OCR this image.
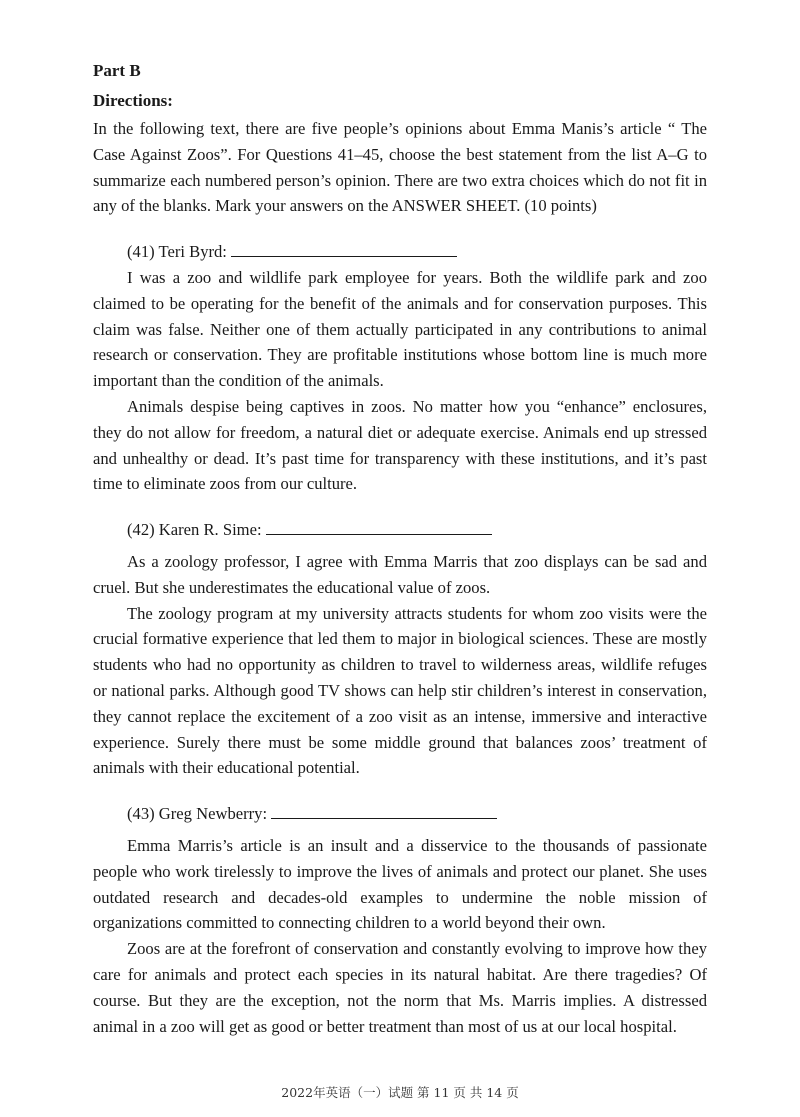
Part B
Directions:

In the following text, there are five people’s opinions about Emma Manis’s article “ The Case Against Zoos”. For Questions 41–45, choose the best statement from the list A–G to summarize each numbered person’s opinion. There are two extra choices which do not fit in any of the blanks. Mark your answers on the ANSWER SHEET. (10 points)

(41) Teri Byrd:

I was a zoo and wildlife park employee for years. Both the wildlife park and zoo claimed to be operating for the benefit of the animals and for conservation purposes. This claim was false. Neither one of them actually participated in any contributions to animal research or conservation. They are profitable institutions whose bottom line is much more important than the condition of the animals.

Animals despise being captives in zoos. No matter how you “enhance” enclosures, they do not allow for freedom, a natural diet or adequate exercise. Animals end up stressed and unhealthy or dead. It’s past time for transparency with these institutions, and it’s past time to eliminate zoos from our culture.

(42) Karen R. Sime:

As a zoology professor, I agree with Emma Marris that zoo displays can be sad and cruel. But she underestimates the educational value of zoos.

The zoology program at my university attracts students for whom zoo visits were the crucial formative experience that led them to major in biological sciences. These are mostly students who had no opportunity as children to travel to wilderness areas, wildlife refuges or national parks. Although good TV shows can help stir children’s interest in conservation, they cannot replace the excitement of a zoo visit as an intense, immersive and interactive experience. Surely there must be some middle ground that balances zoos’ treatment of animals with their educational potential.

(43) Greg Newberry:

Emma Marris’s article is an insult and a disservice to the thousands of passionate people who work tirelessly to improve the lives of animals and protect our planet. She uses outdated research and decades-old examples to undermine the noble mission of organizations committed to connecting children to a world beyond their own.

Zoos are at the forefront of conservation and constantly evolving to improve how they care for animals and protect each species in its natural habitat. Are there tragedies? Of course. But they are the exception, not the norm that Ms. Marris implies. A distressed animal in a zoo will get as good or better treatment than most of us at our local hospital.

2022年英语（一）试题 第 11 页 共 14 页
